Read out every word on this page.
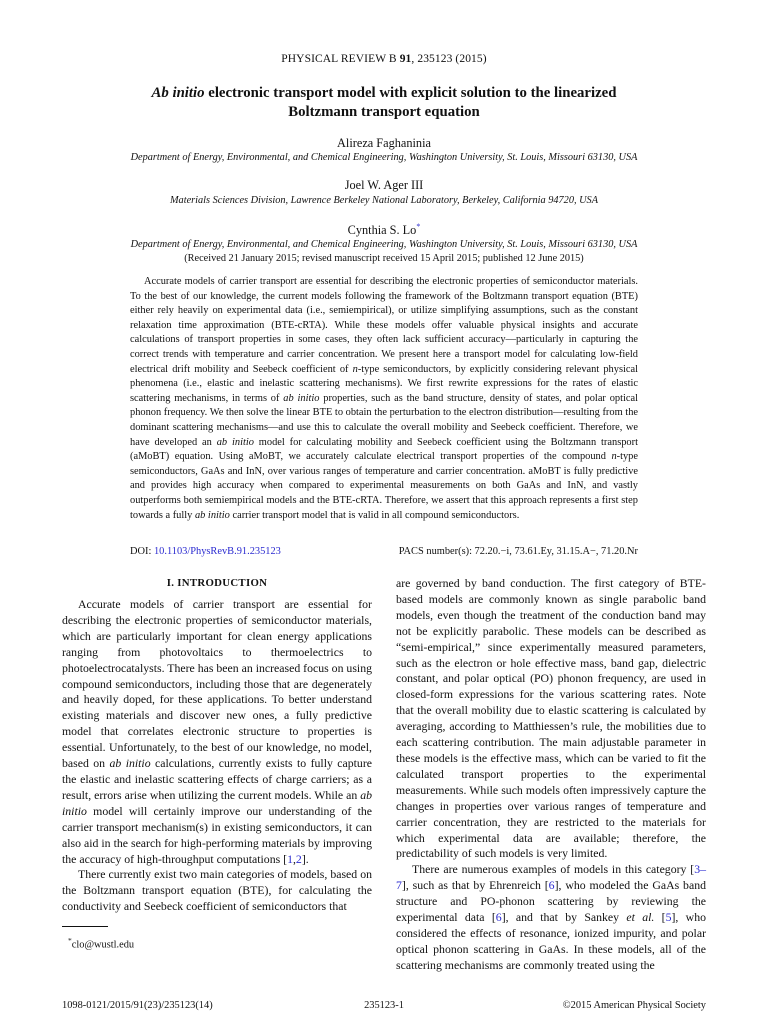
PHYSICAL REVIEW B 91, 235123 (2015)
Ab initio electronic transport model with explicit solution to the linearized
Boltzmann transport equation
Alireza Faghaninia
Department of Energy, Environmental, and Chemical Engineering, Washington University, St. Louis, Missouri 63130, USA
Joel W. Ager III
Materials Sciences Division, Lawrence Berkeley National Laboratory, Berkeley, California 94720, USA
Cynthia S. Lo*
Department of Energy, Environmental, and Chemical Engineering, Washington University, St. Louis, Missouri 63130, USA
(Received 21 January 2015; revised manuscript received 15 April 2015; published 12 June 2015)

Accurate models of carrier transport are essential for describing the electronic properties of semiconductor materials. To the best of our knowledge, the current models following the framework of the Boltzmann transport equation (BTE) either rely heavily on experimental data (i.e., semiempirical), or utilize simplifying assumptions, such as the constant relaxation time approximation (BTE-cRTA). While these models offer valuable physical insights and accurate calculations of transport properties in some cases, they often lack sufficient accuracy—particularly in capturing the correct trends with temperature and carrier concentration. We present here a transport model for calculating low-field electrical drift mobility and Seebeck coefficient of n-type semiconductors, by explicitly considering relevant physical phenomena (i.e., elastic and inelastic scattering mechanisms). We first rewrite expressions for the rates of elastic scattering mechanisms, in terms of ab initio properties, such as the band structure, density of states, and polar optical phonon frequency. We then solve the linear BTE to obtain the perturbation to the electron distribution—resulting from the dominant scattering mechanisms—and use this to calculate the overall mobility and Seebeck coefficient. Therefore, we have developed an ab initio model for calculating mobility and Seebeck coefficient using the Boltzmann transport (aMoBT) equation. Using aMoBT, we accurately calculate electrical transport properties of the compound n-type semiconductors, GaAs and InN, over various ranges of temperature and carrier concentration. aMoBT is fully predictive and provides high accuracy when compared to experimental measurements on both GaAs and InN, and vastly outperforms both semiempirical models and the BTE-cRTA. Therefore, we assert that this approach represents a first step towards a fully ab initio carrier transport model that is valid in all compound semiconductors.

DOI: 10.1103/PhysRevB.91.235123	PACS number(s): 72.20.−i, 73.61.Ey, 31.15.A−, 71.20.Nr
I. INTRODUCTION

Accurate models of carrier transport are essential for describing the electronic properties of semiconductor materials, which are particularly important for clean energy applications ranging from photovoltaics to thermoelectrics to photoelectrocatalysts. There has been an increased focus on using compound semiconductors, including those that are degenerately and heavily doped, for these applications. To better understand existing materials and discover new ones, a fully predictive model that correlates electronic structure to properties is essential. Unfortunately, to the best of our knowledge, no model, based on ab initio calculations, currently exists to fully capture the elastic and inelastic scattering effects of charge carriers; as a result, errors arise when utilizing the current models. While an ab initio model will certainly improve our understanding of the carrier transport mechanism(s) in existing semiconductors, it can also aid in the search for high-performing materials by improving the accuracy of high-throughput computations [1,2].

There currently exist two main categories of models, based on the Boltzmann transport equation (BTE), for calculating the conductivity and Seebeck coefficient of semiconductors that

are governed by band conduction. The first category of BTE-based models are commonly known as single parabolic band models, even though the treatment of the conduction band may not be explicitly parabolic. These models can be described as “semi-empirical,” since experimentally measured parameters, such as the electron or hole effective mass, band gap, dielectric constant, and polar optical (PO) phonon frequency, are used in closed-form expressions for the various scattering rates. Note that the overall mobility due to elastic scattering is calculated by averaging, according to Matthiessen’s rule, the mobilities due to each scattering contribution. The main adjustable parameter in these models is the effective mass, which can be varied to fit the calculated transport properties to the experimental measurements. While such models often impressively capture the changes in properties over various ranges of temperature and carrier concentration, they are restricted to the materials for which experimental data are available; therefore, the predictability of such models is very limited.

There are numerous examples of models in this category [3–7], such as that by Ehrenreich [6], who modeled the GaAs band structure and PO-phonon scattering by reviewing the experimental data [6], and that by Sankey et al. [5], who considered the effects of resonance, ionized impurity, and polar optical phonon scattering in GaAs. In these models, all of the scattering mechanisms are commonly treated using the

*clo@wustl.edu
1098-0121/2015/91(23)/235123(14)	235123-1	©2015 American Physical Society
